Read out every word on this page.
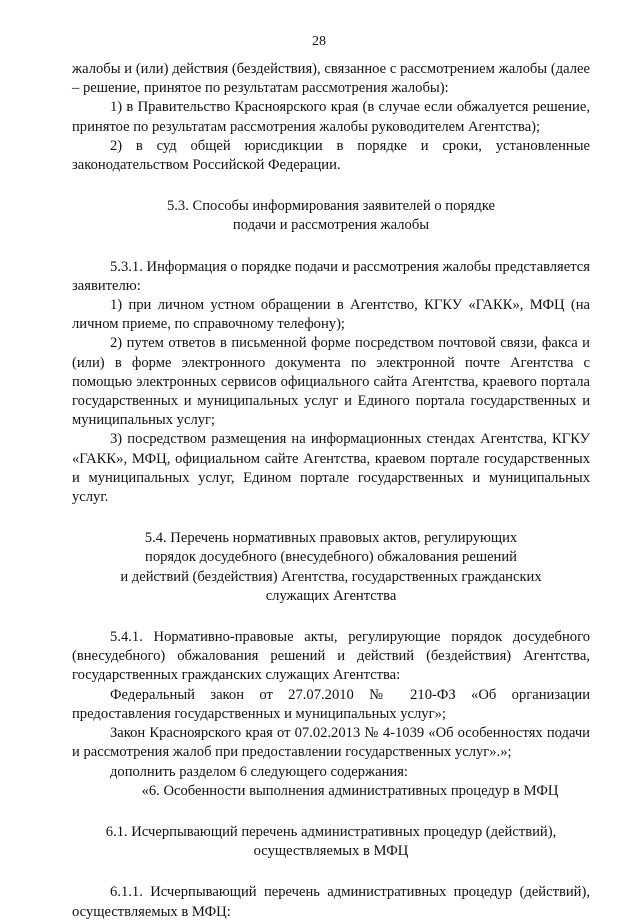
28

жалобы и (или) действия (бездействия), связанное с рассмотрением жалобы (далее – решение, принятое по результатам рассмотрения жалобы):

1) в Правительство Красноярского края (в случае если обжалуется решение, принятое по результатам рассмотрения жалобы руководителем Агентства);

2) в суд общей юрисдикции в порядке и сроки, установленные законодательством Российской Федерации.

5.3. Способы информирования заявителей о порядке
подачи и рассмотрения жалобы

5.3.1. Информация о порядке подачи и рассмотрения жалобы представляется заявителю:

1) при личном устном обращении в Агентство, КГКУ «ГАКК», МФЦ (на личном приеме, по справочному телефону);

2) путем ответов в письменной форме посредством почтовой связи, факса и (или) в форме электронного документа по электронной почте Агентства с помощью электронных сервисов официального сайта Агентства, краевого портала государственных и муниципальных услуг и Единого портала государственных и муниципальных услуг;

3) посредством размещения на информационных стендах Агентства, КГКУ «ГАКК», МФЦ, официальном сайте Агентства, краевом портале государственных и муниципальных услуг, Едином портале государственных и муниципальных услуг.

5.4. Перечень нормативных правовых актов, регулирующих
порядок досудебного (внесудебного) обжалования решений
и действий (бездействия) Агентства, государственных гражданских
служащих Агентства

5.4.1. Нормативно-правовые акты, регулирующие порядок досудебного (внесудебного) обжалования решений и действий (бездействия) Агентства, государственных гражданских служащих Агентства:

Федеральный закон от 27.07.2010 № 210-ФЗ «Об организации предоставления государственных и муниципальных услуг»;

Закон Красноярского края от 07.02.2013 № 4-1039 «Об особенностях подачи и рассмотрения жалоб при предоставлении государственных услуг».»;

дополнить разделом 6 следующего содержания:

«6. Особенности выполнения административных процедур в МФЦ

6.1. Исчерпывающий перечень административных процедур (действий),
осуществляемых в МФЦ

6.1.1. Исчерпывающий перечень административных процедур (действий), осуществляемых в МФЦ:
